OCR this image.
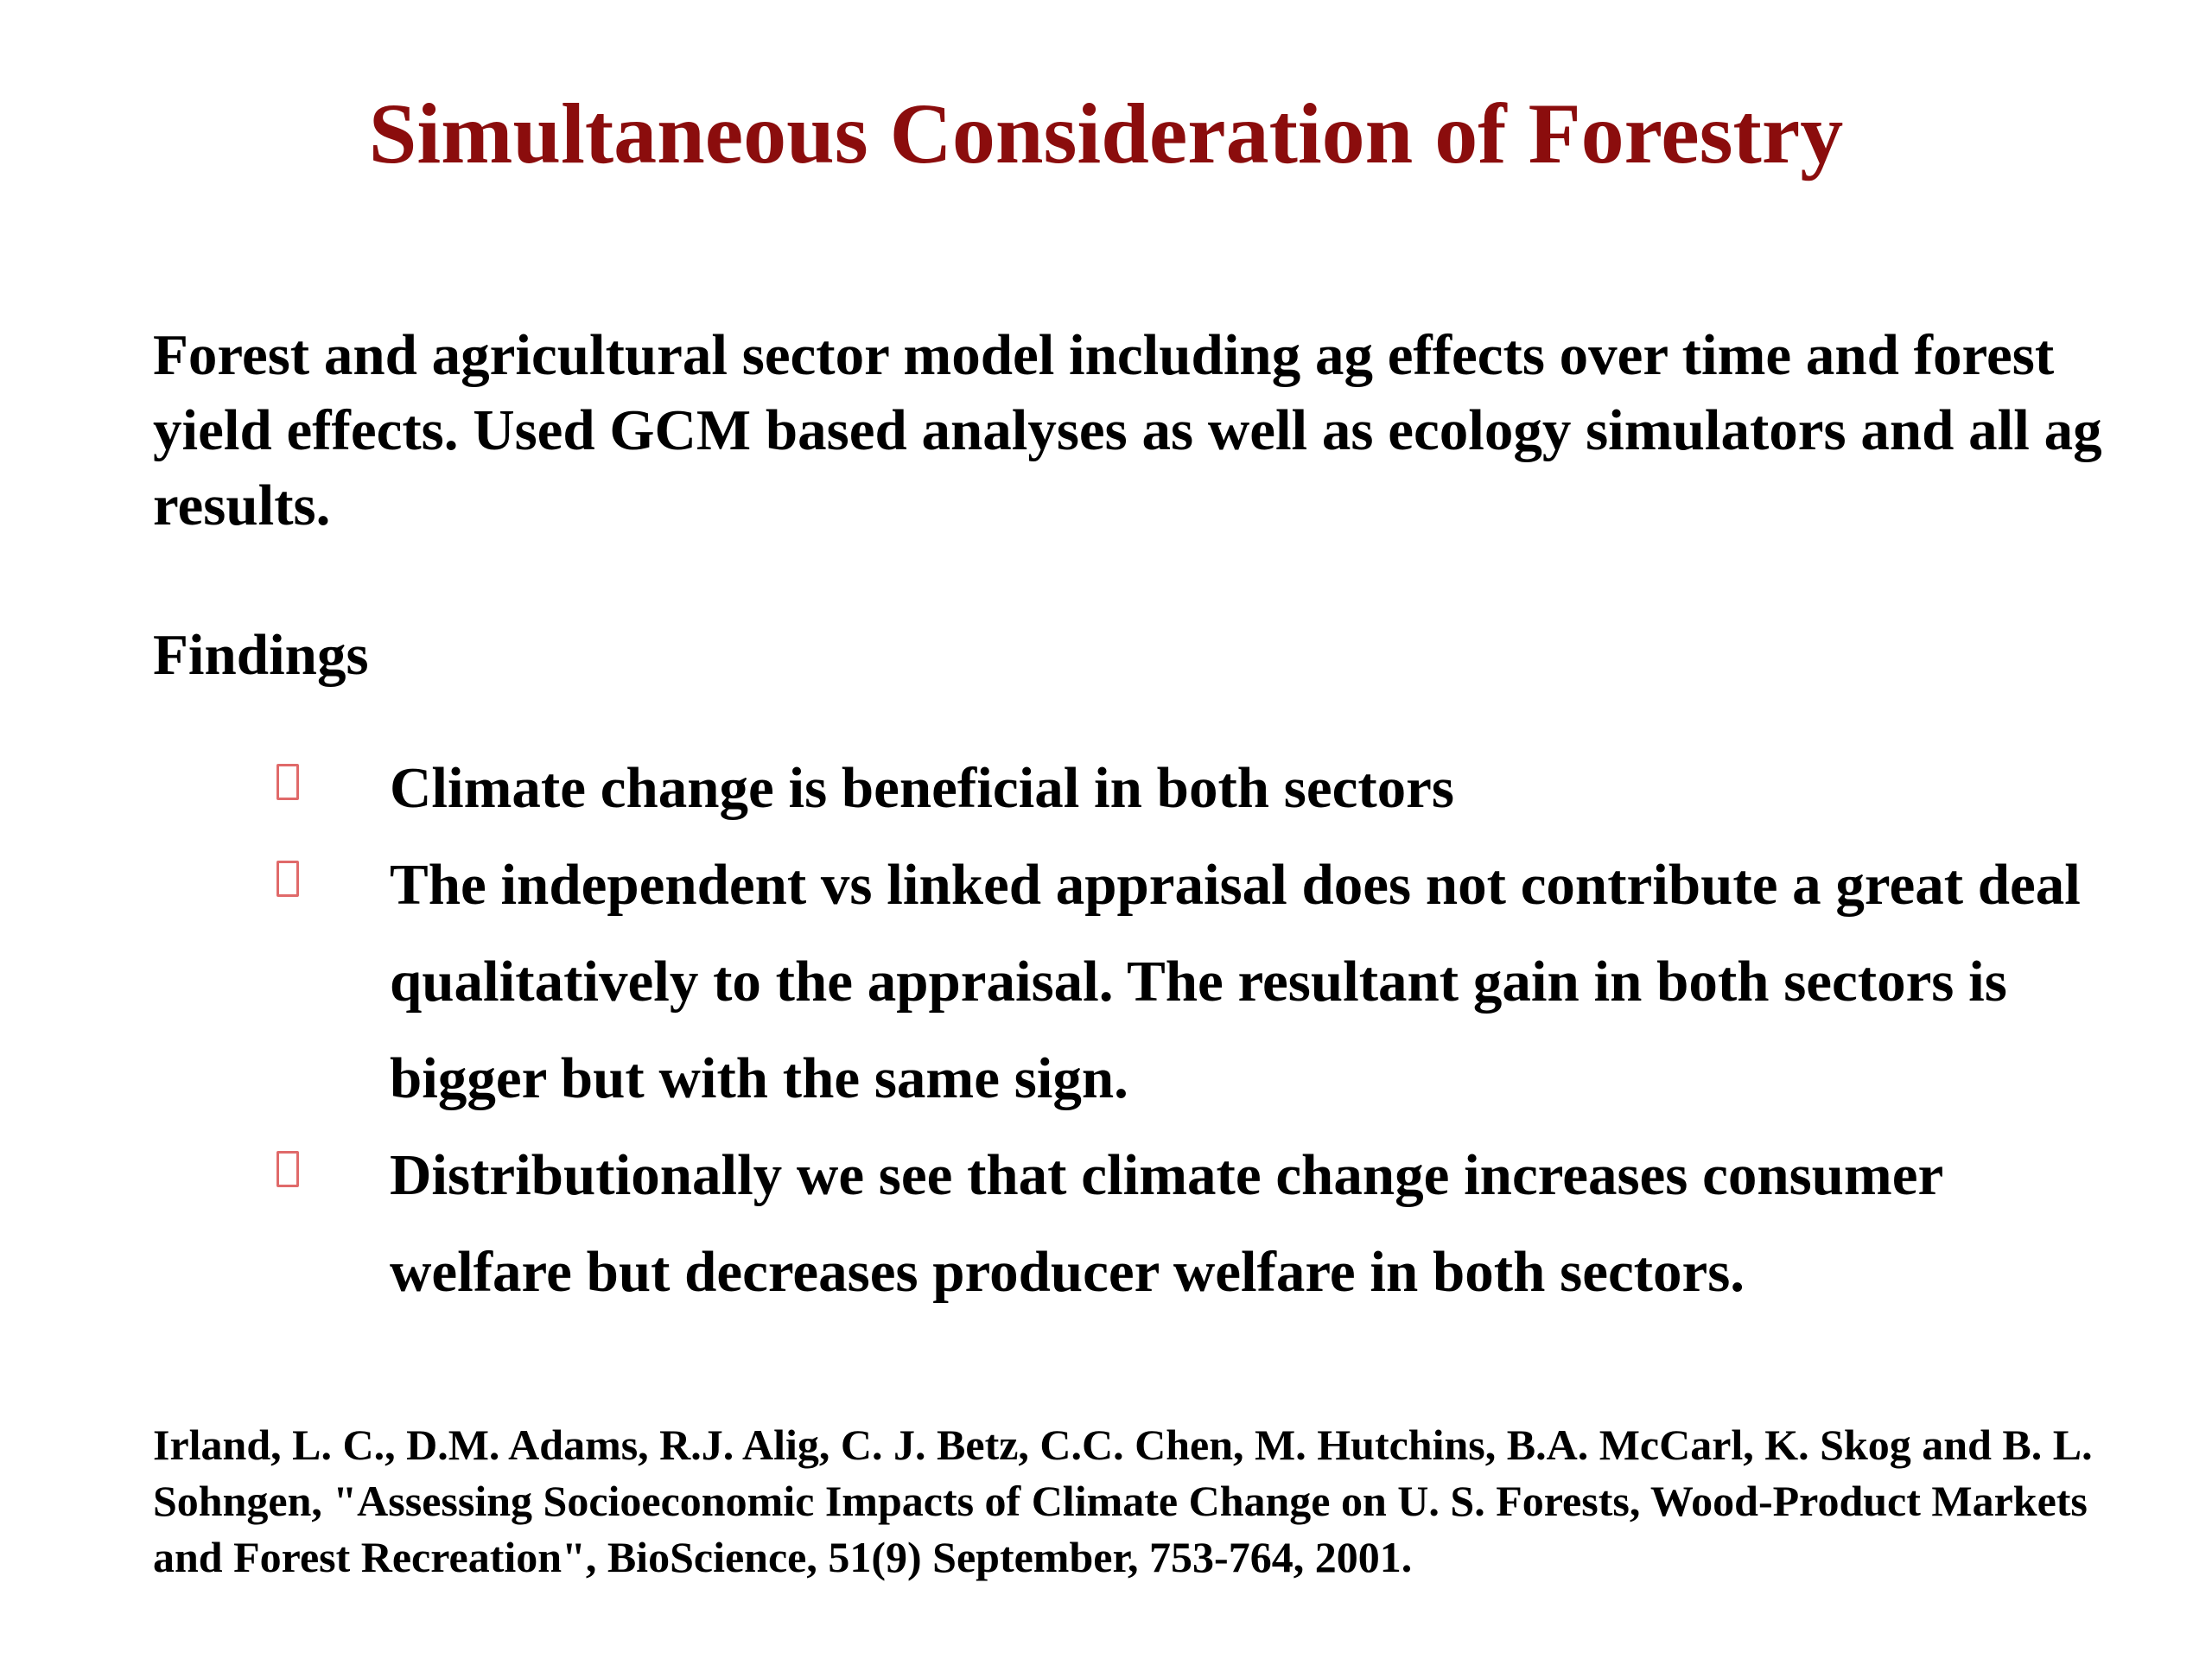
Simultaneous Consideration of Forestry

Forest and agricultural sector model including ag effects over time and forest yield effects. Used GCM based analyses as well as ecology simulators and all ag results.

Findings

Climate change is beneficial in both sectors
The independent vs linked appraisal does not contribute a great deal qualitatively to the appraisal. The resultant gain in both sectors is bigger but with the same sign.
Distributionally we see that climate change increases consumer welfare but decreases producer welfare in both sectors.

Irland, L. C., D.M. Adams, R.J. Alig, C. J. Betz, C.C. Chen, M. Hutchins, B.A. McCarl, K. Skog and B. L. Sohngen, "Assessing Socioeconomic Impacts of Climate Change on U. S. Forests, Wood-Product Markets and Forest Recreation", BioScience, 51(9) September, 753-764, 2001.
